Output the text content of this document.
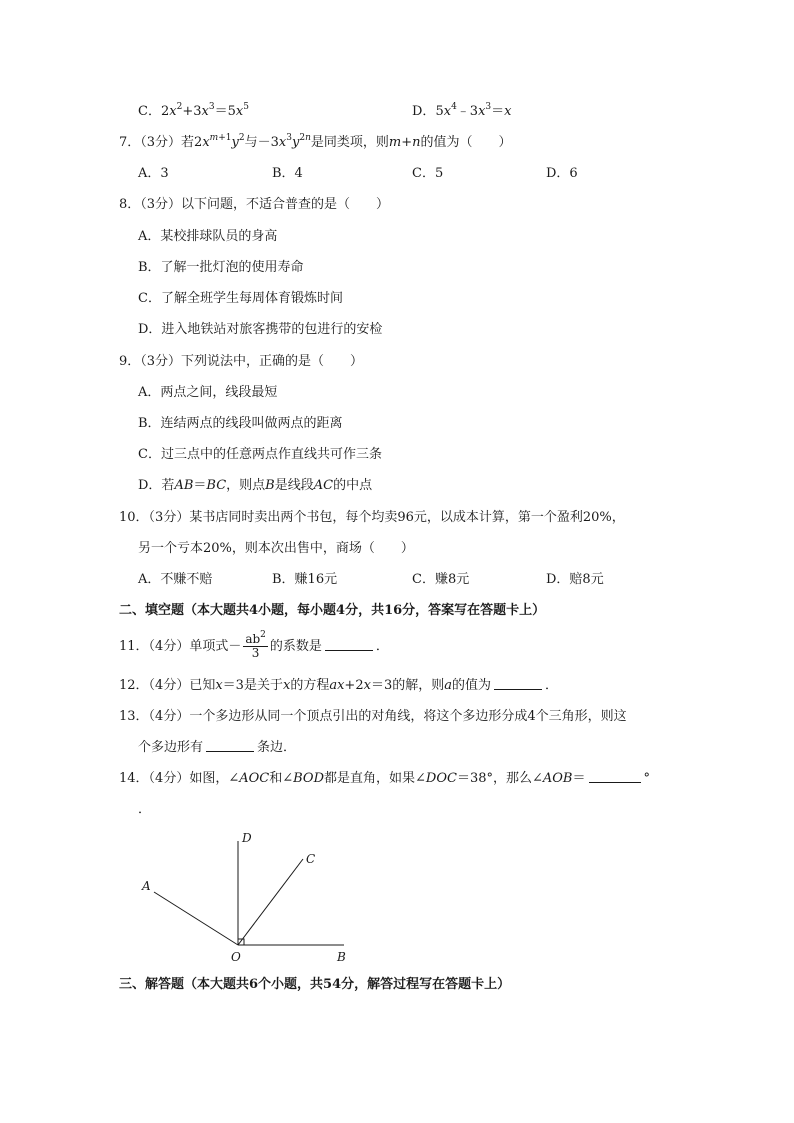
C．$2x^2+3x^3=5x^5$	D．$5x^4﹣3x^3=x$
7．（3分）若$2x^{m+1}y^2$与$-3x^3y^{2n}$是同类项，则m+n的值为（　　）
A．3	B．4	C．5	D．6
8．（3分）以下问题，不适合普查的是（　　）
A．某校排球队员的身高
B．了解一批灯泡的使用寿命
C．了解全班学生每周体育锻炼时间
D．进入地铁站对旅客携带的包进行的安检
9．（3分）下列说法中，正确的是（　　）
A．两点之间，线段最短
B．连结两点的线段叫做两点的距离
C．过三点中的任意两点作直线共可作三条
D．若AB＝BC，则点B是线段AC的中点
10．（3分）某书店同时卖出两个书包，每个均卖96元，以成本计算，第一个盈利20%，
另一个亏本20%，则本次出售中，商场（　　）
A．不赚不赔	B．赚16元	C．赚8元	D．赔8元
二、填空题（本大题共4小题，每小题4分，共16分，答案写在答题卡上）
11．（4分）单项式－ $\frac{ab^2}{3}$ 的系数是	．
12．（4分）已知x＝3是关于x的方程ax+2x＝3的解，则a的值为	．
13．（4分）一个多边形从同一个顶点引出的对角线，将这个多边形分成4个三角形，则这
个多边形有	条边．
14．（4分）如图，∠AOC和∠BOD都是直角，如果∠DOC＝38°，那么∠AOB＝	°
．
D
C
A
O	B
三、解答题（本大题共6个小题，共54分，解答过程写在答题卡上）
